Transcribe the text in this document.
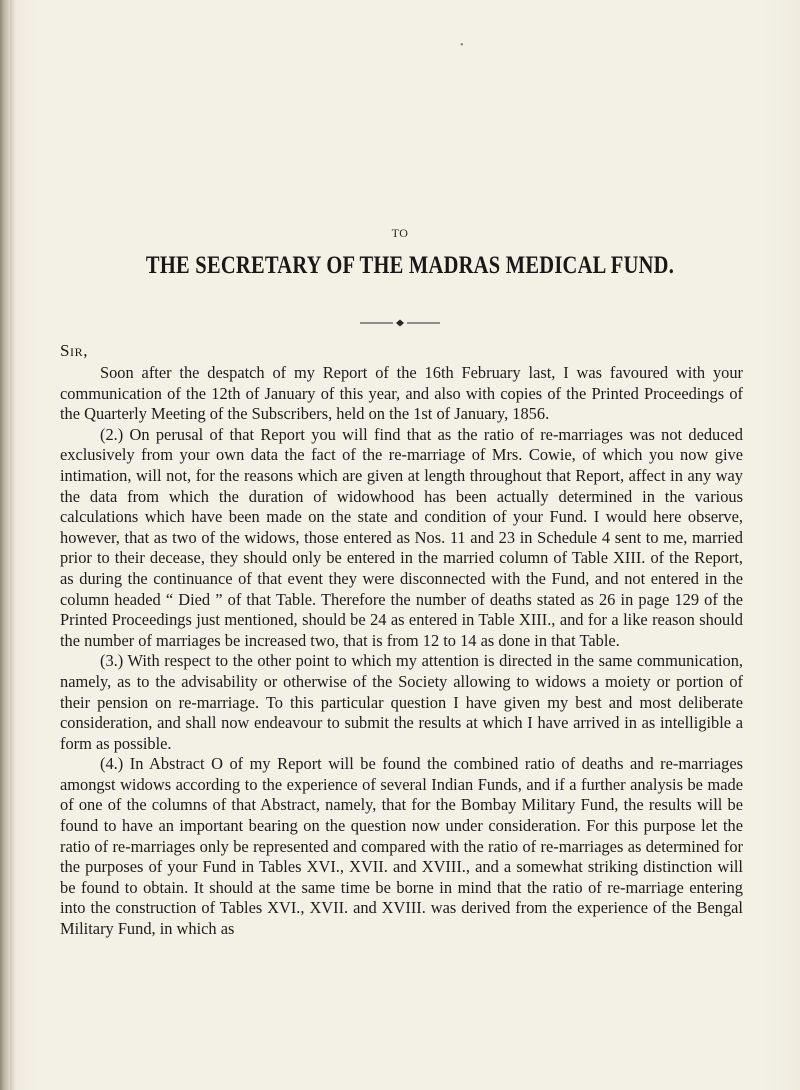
•
TO
THE SECRETARY OF THE MADRAS MEDICAL FUND.
Sir,

Soon after the despatch of my Report of the 16th February last, I was favoured with your communication of the 12th of January of this year, and also with copies of the Printed Proceedings of the Quarterly Meeting of the Subscribers, held on the 1st of January, 1856.

(2.) On perusal of that Report you will find that as the ratio of re-marriages was not deduced exclusively from your own data the fact of the re-marriage of Mrs. Cowie, of which you now give intimation, will not, for the reasons which are given at length throughout that Report, affect in any way the data from which the duration of widowhood has been actually determined in the various calculations which have been made on the state and condition of your Fund. I would here observe, however, that as two of the widows, those entered as Nos. 11 and 23 in Schedule 4 sent to me, married prior to their decease, they should only be entered in the married column of Table XIII. of the Report, as during the continuance of that event they were disconnected with the Fund, and not entered in the column headed “ Died ” of that Table. Therefore the number of deaths stated as 26 in page 129 of the Printed Proceedings just mentioned, should be 24 as entered in Table XIII., and for a like reason should the number of marriages be increased two, that is from 12 to 14 as done in that Table.

(3.) With respect to the other point to which my attention is directed in the same communication, namely, as to the advisability or otherwise of the Society allowing to widows a moiety or portion of their pension on re-marriage. To this particular question I have given my best and most deliberate consideration, and shall now endeavour to submit the results at which I have arrived in as intelligible a form as possible.

(4.) In Abstract O of my Report will be found the combined ratio of deaths and re-marriages amongst widows according to the experience of several Indian Funds, and if a further analysis be made of one of the columns of that Abstract, namely, that for the Bombay Military Fund, the results will be found to have an important bearing on the question now under consideration. For this purpose let the ratio of re-marriages only be represented and compared with the ratio of re-marriages as determined for the purposes of your Fund in Tables XVI., XVII. and XVIII., and a somewhat striking distinction will be found to obtain. It should at the same time be borne in mind that the ratio of re-marriage entering into the construction of Tables XVI., XVII. and XVIII. was derived from the experience of the Bengal Military Fund, in which as
